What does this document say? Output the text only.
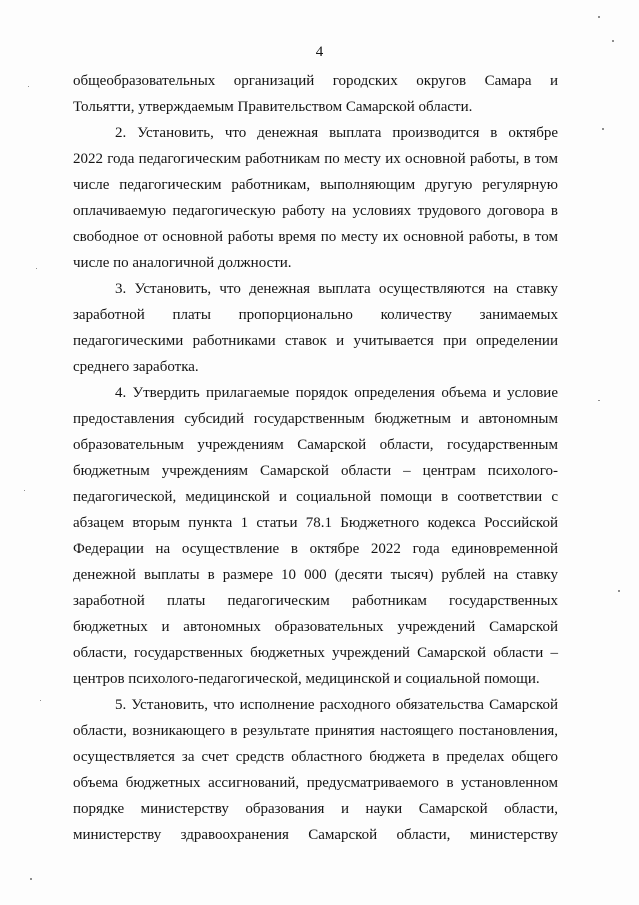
4
общеобразовательных организаций городских округов Самара и
Тольятти, утверждаемым Правительством Самарской области.
2. Установить, что денежная выплата производится в октябре
2022 года педагогическим работникам по месту их основной работы, в том
числе педагогическим работникам, выполняющим другую регулярную
оплачиваемую педагогическую работу на условиях трудового договора в
свободное от основной работы время по месту их основной работы, в том
числе по аналогичной должности.
3. Установить, что денежная выплата осуществляются на ставку
заработной платы пропорционально количеству занимаемых
педагогическими работниками ставок и учитывается при определении
среднего заработка.
4. Утвердить прилагаемые порядок определения объема и условие
предоставления субсидий государственным бюджетным и автономным
образовательным учреждениям Самарской области, государственным
бюджетным учреждениям Самарской области – центрам психолого-
педагогической, медицинской и социальной помощи в соответствии с
абзацем вторым пункта 1 статьи 78.1 Бюджетного кодекса Российской
Федерации на осуществление в октябре 2022 года единовременной
денежной выплаты в размере 10 000 (десяти тысяч) рублей на ставку
заработной платы педагогическим работникам государственных
бюджетных и автономных образовательных учреждений Самарской
области, государственных бюджетных учреждений Самарской области –
центров психолого-педагогической, медицинской и социальной помощи.
5. Установить, что исполнение расходного обязательства Самарской
области, возникающего в результате принятия настоящего постановления,
осуществляется за счет средств областного бюджета в пределах общего
объема бюджетных ассигнований, предусматриваемого в установленном
порядке министерству образования и науки Самарской области,
министерству здравоохранения Самарской области, министерству
